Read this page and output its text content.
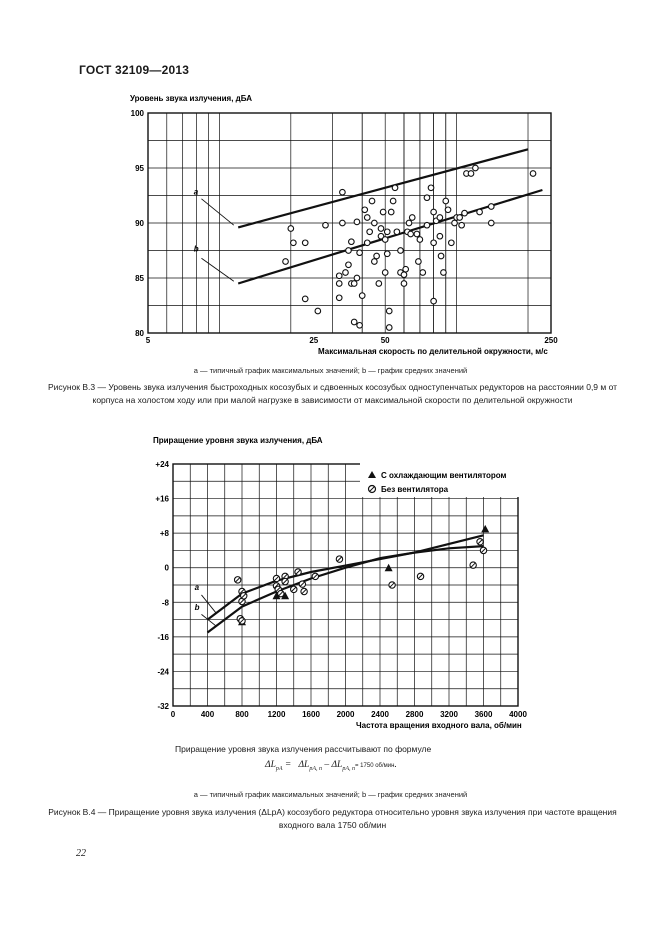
ГОСТ 32109—2013
Уровень звука излучения, дБА
a
b
5	25	50	250
80
85
90
95
100
Максимальная скорость по делительной окружности, м/с
a — типичный график максимальных значений; b — график средних значений
Рисунок В.3 — Уровень звука излучения быстроходных косозубых и сдвоенных косозубых одноступенчатых редукторов на расстоянии 0,9 м от корпуса на холостом ходу или при малой нагрузке в зависимости от максимальной скорости по делительной окружности
Приращение уровня звука излучения, дБА
a
b
0	400	800 1200 1600 2000 2400 2800 3200 3600 4000
-32
-24
-16
-8
0
+8
+16
+24
С охлаждающим вентилятором
Без вентилятора
Частота вращения входного вала, об/мин
Приращение уровня звука излучения рассчитывают по формуле
$\Delta L_{pA} = \Delta L_{pA, n} - \Delta L_{pA, n}= 1750$ об/мин.
a — типичный график максимальных значений; b — график средних значений
Рисунок В.4 — Приращение уровня звука излучения (ΔLpA) косозубого редуктора относительно уровня звука излучения при частоте вращения входного вала 1750 об/мин
22
